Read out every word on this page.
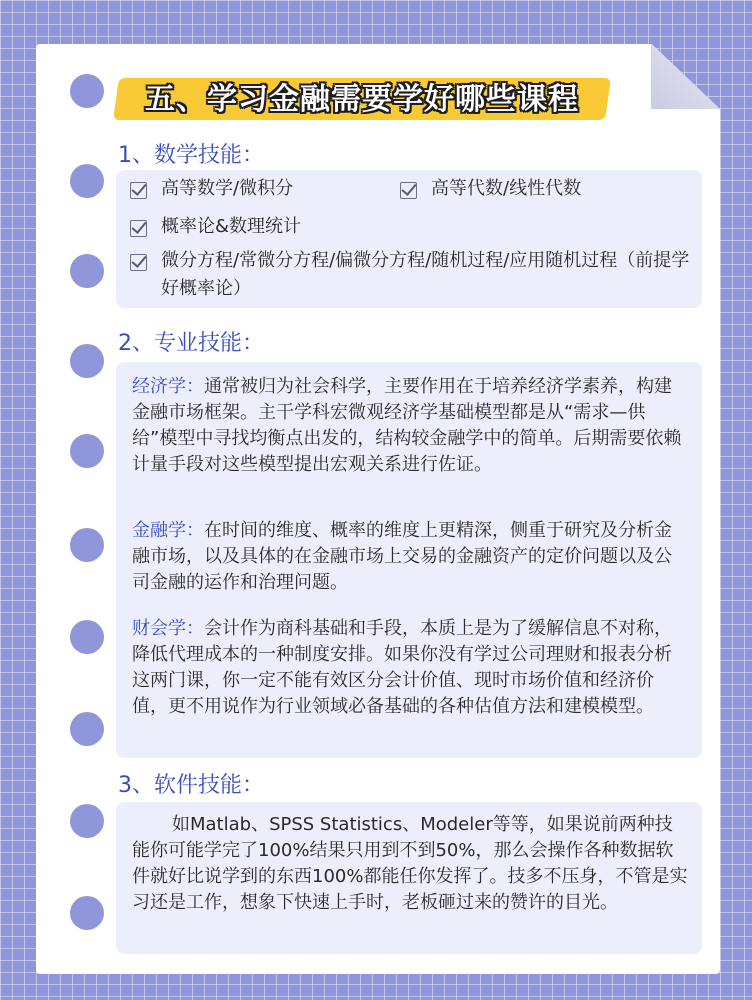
五、学习金融需要学好哪些课程
1、数学技能：
高等数学/微积分	高等代数/线性代数
概率论&数理统计
微分方程/常微分方程/偏微分方程/随机过程/应用随机过程（前提学好概率论）
2、专业技能：
经济学：通常被归为社会科学，主要作用在于培养经济学素养，构建金融市场框架。主干学科宏微观经济学基础模型都是从“需求—供给”模型中寻找均衡点出发的，结构较金融学中的简单。后期需要依赖计量手段对这些模型提出宏观关系进行佐证。
金融学：在时间的维度、概率的维度上更精深，侧重于研究及分析金融市场，以及具体的在金融市场上交易的金融资产的定价问题以及公司金融的运作和治理问题。
财会学：会计作为商科基础和手段，本质上是为了缓解信息不对称，降低代理成本的一种制度安排。如果你没有学过公司理财和报表分析这两门课，你一定不能有效区分会计价值、现时市场价值和经济价值，更不用说作为行业领域必备基础的各种估值方法和建模模型。
3、软件技能：
如Matlab、SPSS Statistics、Modeler等等，如果说前两种技能你可能学完了100%结果只用到不到50%，那么会操作各种数据软件就好比说学到的东西100%都能任你发挥了。技多不压身，不管是实习还是工作，想象下快速上手时，老板砸过来的赞许的目光。
